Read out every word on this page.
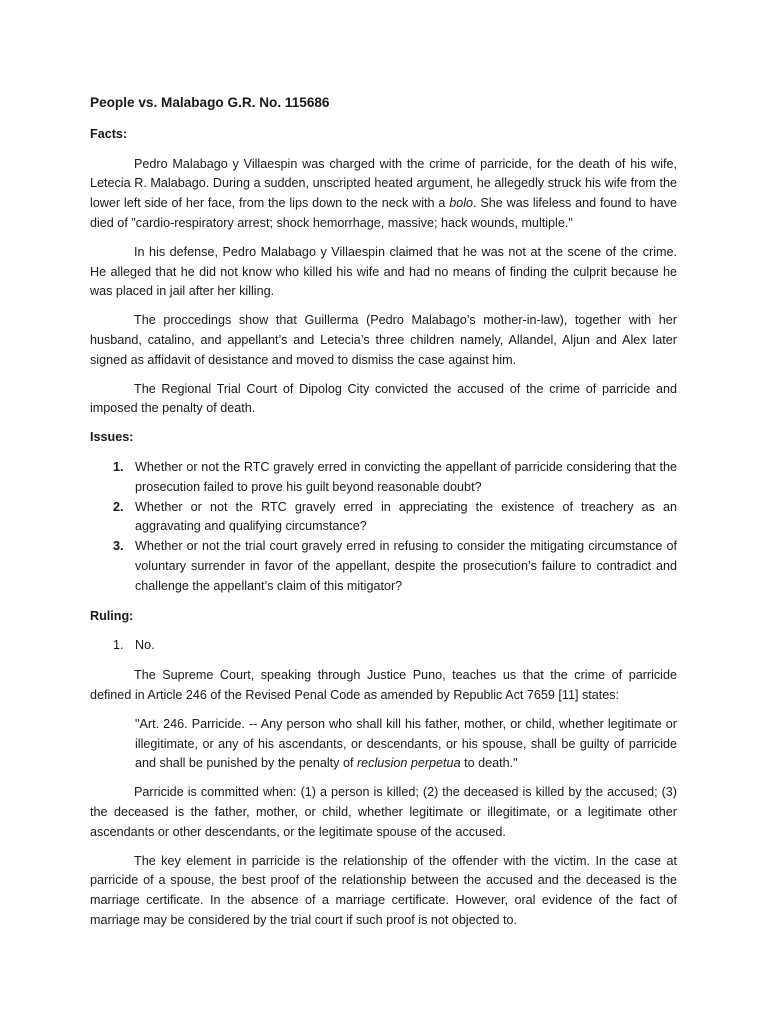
People vs. Malabago G.R. No. 115686
Facts:

Pedro Malabago y Villaespin was charged with the crime of parricide, for the death of his wife, Letecia R. Malabago. During a sudden, unscripted heated argument, he allegedly struck his wife from the lower left side of her face, from the lips down to the neck with a bolo. She was lifeless and found to have died of "cardio-respiratory arrest; shock hemorrhage, massive; hack wounds, multiple."

In his defense, Pedro Malabago y Villaespin claimed that he was not at the scene of the crime. He alleged that he did not know who killed his wife and had no means of finding the culprit because he was placed in jail after her killing.

The proccedings show that Guillerma (Pedro Malabago’s mother-in-law), together with her husband, catalino, and appellant’s and Letecia’s three children namely, Allandel, Aljun and Alex later signed as affidavit of desistance and moved to dismiss the case against him.

The Regional Trial Court of Dipolog City convicted the accused of the crime of parricide and imposed the penalty of death.

Issues:
1. Whether or not the RTC gravely erred in convicting the appellant of parricide considering that the prosecution failed to prove his guilt beyond reasonable doubt?
2. Whether or not the RTC gravely erred in appreciating the existence of treachery as an aggravating and qualifying circumstance?
3. Whether or not the trial court gravely erred in refusing to consider the mitigating circumstance of voluntary surrender in favor of the appellant, despite the prosecution’s failure to contradict and challenge the appellant’s claim of this mitigator?
Ruling:
1. No.

The Supreme Court, speaking through Justice Puno, teaches us that the crime of parricide defined in Article 246 of the Revised Penal Code as amended by Republic Act 7659 [11] states:

"Art. 246. Parricide. -- Any person who shall kill his father, mother, or child, whether legitimate or illegitimate, or any of his ascendants, or descendants, or his spouse, shall be guilty of parricide and shall be punished by the penalty of reclusion perpetua to death."

Parricide is committed when: (1) a person is killed; (2) the deceased is killed by the accused; (3) the deceased is the father, mother, or child, whether legitimate or illegitimate, or a legitimate other ascendants or other descendants, or the legitimate spouse of the accused.

The key element in parricide is the relationship of the offender with the victim. In the case at parricide of a spouse, the best proof of the relationship between the accused and the deceased is the marriage certificate. In the absence of a marriage certificate. However, oral evidence of the fact of marriage may be considered by the trial court if such proof is not objected to.
